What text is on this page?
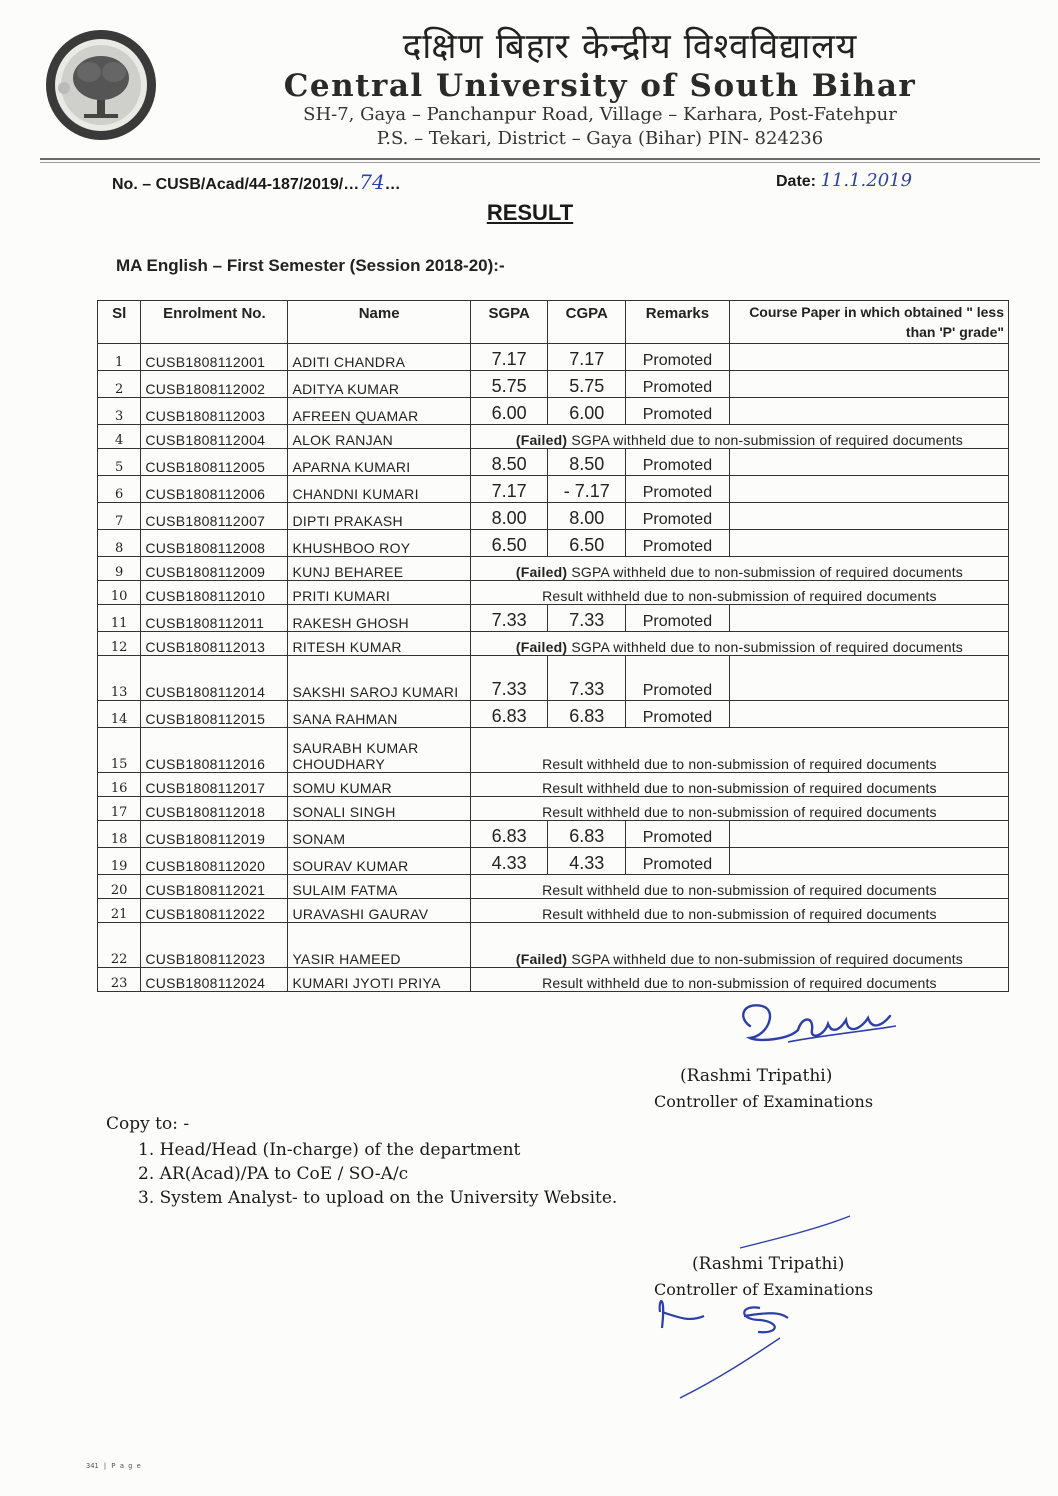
दक्षिण बिहार केन्द्रीय विश्वविद्यालय
Central University of South Bihar
SH-7, Gaya – Panchanpur Road, Village – Karhara, Post-Fatehpur
P.S. – Tekari, District – Gaya (Bihar) PIN- 824236
No. – CUSB/Acad/44-187/2019/…74…	Date: 11.1.2019
RESULT
MA English – First Semester (Session 2018-20):-
Sl	Enrolment No.	Name	SGPA	CGPA	Remarks	Course Paper in which obtained " less than 'P' grade"
1	CUSB1808112001	ADITI CHANDRA	7.17	7.17	Promoted	
2	CUSB1808112002	ADITYA KUMAR	5.75	5.75	Promoted	
3	CUSB1808112003	AFREEN QUAMAR	6.00	6.00	Promoted	
4	CUSB1808112004	ALOK RANJAN	(Failed) SGPA withheld due to non-submission of required documents			
5	CUSB1808112005	APARNA KUMARI	8.50	8.50	Promoted	
6	CUSB1808112006	CHANDNI KUMARI	7.17	- 7.17	Promoted	
7	CUSB1808112007	DIPTI PRAKASH	8.00	8.00	Promoted	
8	CUSB1808112008	KHUSHBOO ROY	6.50	6.50	Promoted	
9	CUSB1808112009	KUNJ BEHAREE	(Failed) SGPA withheld due to non-submission of required documents			
10	CUSB1808112010	PRITI KUMARI	Result withheld due to non-submission of required documents			
11	CUSB1808112011	RAKESH GHOSH	7.33	7.33	Promoted	
12	CUSB1808112013	RITESH KUMAR	(Failed) SGPA withheld due to non-submission of required documents			
13	CUSB1808112014	SAKSHI SAROJ KUMARI	7.33	7.33	Promoted	
14	CUSB1808112015	SANA RAHMAN	6.83	6.83	Promoted	
15	CUSB1808112016	SAURABH KUMAR CHOUDHARY	Result withheld due to non-submission of required documents			
16	CUSB1808112017	SOMU KUMAR	Result withheld due to non-submission of required documents			
17	CUSB1808112018	SONALI SINGH	Result withheld due to non-submission of required documents			
18	CUSB1808112019	SONAM	6.83	6.83	Promoted	
19	CUSB1808112020	SOURAV KUMAR	4.33	4.33	Promoted	
20	CUSB1808112021	SULAIM FATMA	Result withheld due to non-submission of required documents			
21	CUSB1808112022	URAVASHI GAURAV	Result withheld due to non-submission of required documents			
22	CUSB1808112023	YASIR HAMEED	(Failed) SGPA withheld due to non-submission of required documents			
23	CUSB1808112024	KUMARI JYOTI PRIYA	Result withheld due to non-submission of required documents			
(Rashmi Tripathi)
Controller of Examinations
Copy to: -
1. Head/Head (In-charge) of the department
2. AR(Acad)/PA to CoE / SO-A/c
3. System Analyst- to upload on the University Website.
(Rashmi Tripathi)
Controller of Examinations
341 | P a g e
